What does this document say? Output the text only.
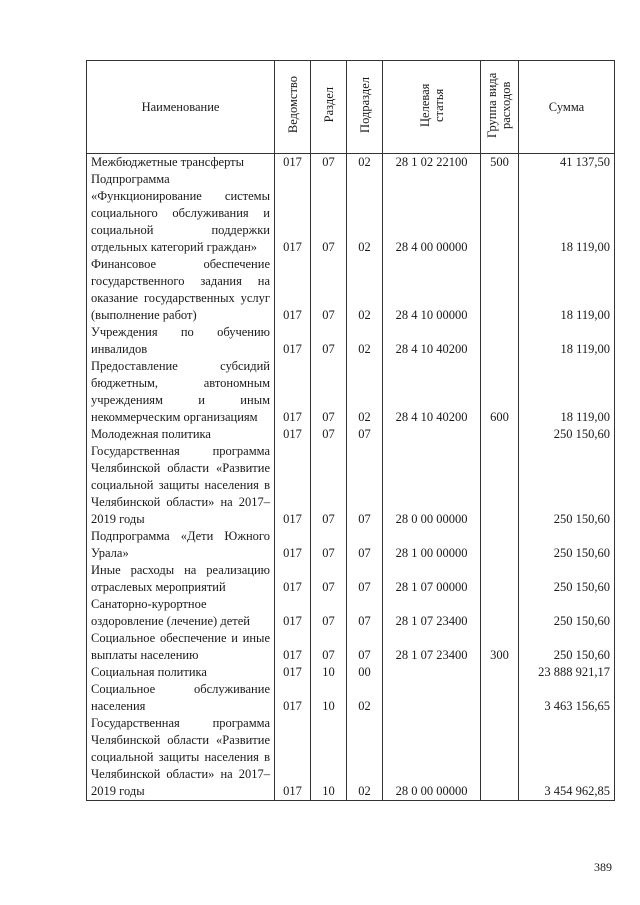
Наименование	Ведомство	Раздел	Подраздел	Целевая статья	Группа вида расходов	Сумма
Межбюджетные трансферты	017	07	02	28 1 02 22100	500	41 137,50
Подпрограмма «Функционирование системы социального обслуживания и социальной поддержки отдельных категорий граждан»	017	07	02	28 4 00 00000		18 119,00
Финансовое обеспечение государственного задания на оказание государственных услуг (выполнение работ)	017	07	02	28 4 10 00000		18 119,00
Учреждения по обучению инвалидов	017	07	02	28 4 10 40200		18 119,00
Предоставление субсидий бюджетным, автономным учреждениям и иным некоммерческим организациям	017	07	02	28 4 10 40200	600	18 119,00
Молодежная политика	017	07	07			250 150,60
Государственная программа Челябинской области «Развитие социальной защиты населения в Челябинской области» на 2017–2019 годы	017	07	07	28 0 00 00000		250 150,60
Подпрограмма «Дети Южного Урала»	017	07	07	28 1 00 00000		250 150,60
Иные расходы на реализацию отраслевых мероприятий	017	07	07	28 1 07 00000		250 150,60
Санаторно-курортное оздоровление (лечение) детей	017	07	07	28 1 07 23400		250 150,60
Социальное обеспечение и иные выплаты населению	017	07	07	28 1 07 23400	300	250 150,60
Социальная политика	017	10	00			23 888 921,17
Социальное обслуживание населения	017	10	02			3 463 156,65
Государственная программа Челябинской области «Развитие социальной защиты населения в Челябинской области» на 2017–2019 годы	017	10	02	28 0 00 00000		3 454 962,85
389
